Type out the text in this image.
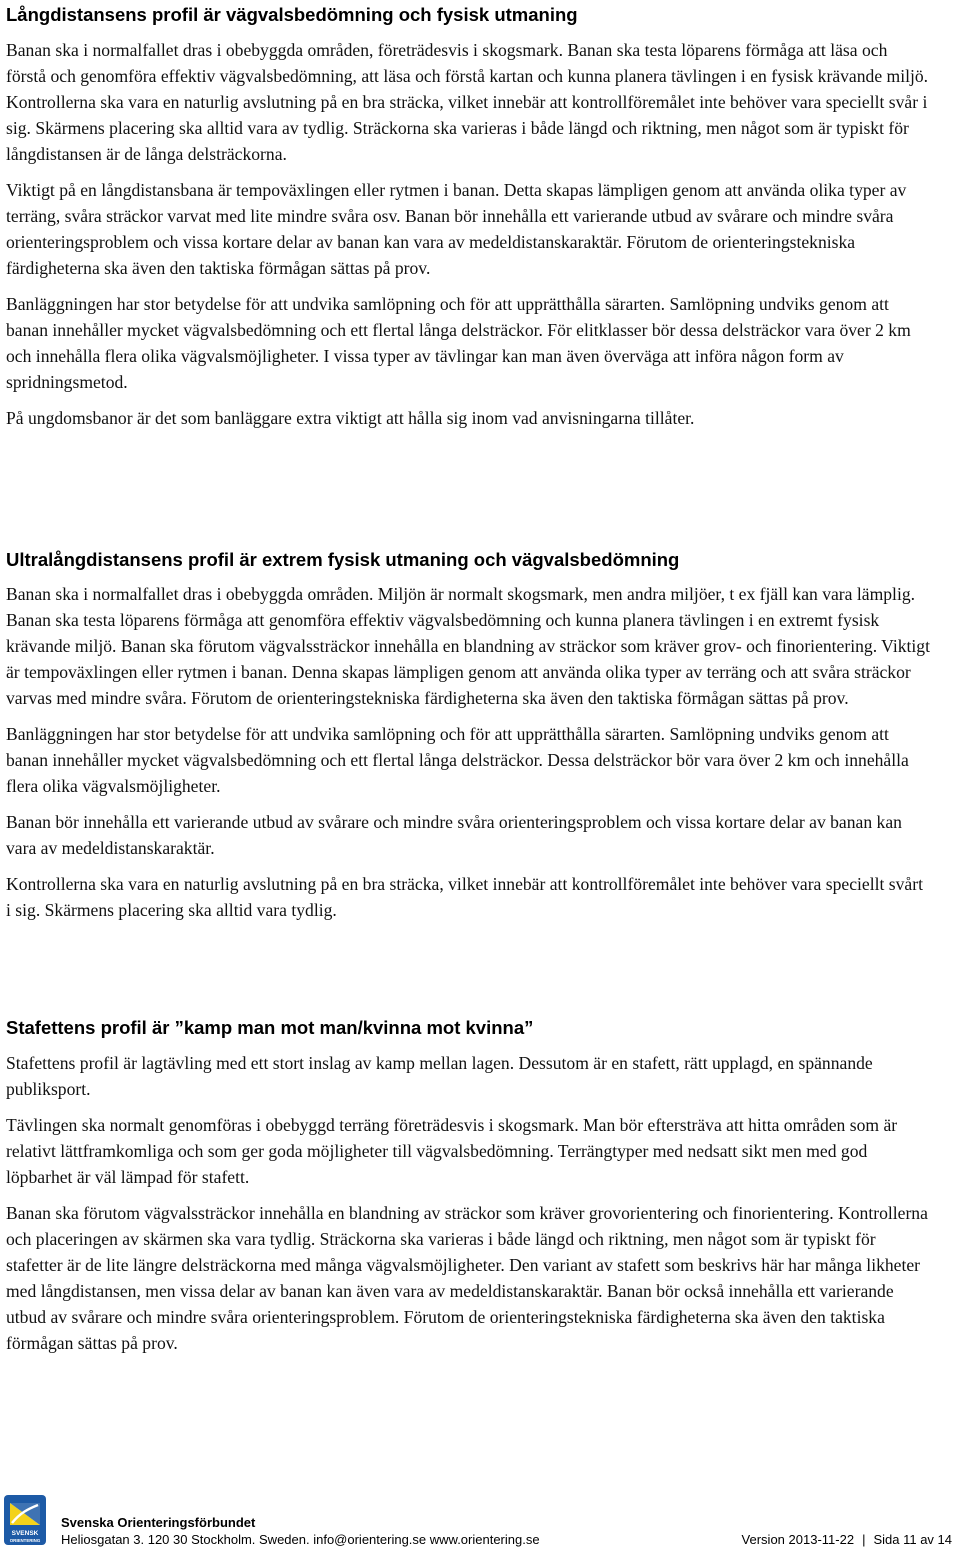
Långdistansens profil är vägvalsbedömning och fysisk utmaning

Banan ska i normalfallet dras i obebyggda områden, företrädesvis i skogsmark. Banan ska testa löparens förmåga att läsa och förstå och genomföra effektiv vägvalsbedömning, att läsa och förstå kartan och kunna planera tävlingen i en fysisk krävande miljö. Kontrollerna ska vara en naturlig avslutning på en bra sträcka, vilket innebär att kontrollföremålet inte behöver vara speciellt svår i sig. Skärmens placering ska alltid vara av tydlig. Sträckorna ska varieras i både längd och riktning, men något som är typiskt för långdistansen är de långa delsträckorna.

Viktigt på en långdistansbana är tempoväxlingen eller rytmen i banan. Detta skapas lämpligen genom att använda olika typer av terräng, svåra sträckor varvat med lite mindre svåra osv. Banan bör innehålla ett varierande utbud av svårare och mindre svåra orienteringsproblem och vissa kortare delar av banan kan vara av medeldistanskaraktär. Förutom de orienteringstekniska färdigheterna ska även den taktiska förmågan sättas på prov.

Banläggningen har stor betydelse för att undvika samlöpning och för att upprätthålla särarten. Samlöpning undviks genom att banan innehåller mycket vägvalsbedömning och ett flertal långa delsträckor. För elitklasser bör dessa delsträckor vara över 2 km och innehålla flera olika vägvalsmöjligheter. I vissa typer av tävlingar kan man även överväga att införa någon form av spridningsmetod.

På ungdomsbanor är det som banläggare extra viktigt att hålla sig inom vad anvisningarna tillåter.

Ultralångdistansens profil är extrem fysisk utmaning och vägvalsbedömning

Banan ska i normalfallet dras i obebyggda områden. Miljön är normalt skogsmark, men andra miljöer, t ex fjäll kan vara lämplig. Banan ska testa löparens förmåga att genomföra effektiv vägvalsbedömning och kunna planera tävlingen i en extremt fysisk krävande miljö. Banan ska förutom vägvalssträckor innehålla en blandning av sträckor som kräver grov- och finorientering. Viktigt är tempoväxlingen eller rytmen i banan. Denna skapas lämpligen genom att använda olika typer av terräng och att svåra sträckor varvas med mindre svåra. Förutom de orienteringstekniska färdigheterna ska även den taktiska förmågan sättas på prov.

Banläggningen har stor betydelse för att undvika samlöpning och för att upprätthålla särarten. Samlöpning undviks genom att banan innehåller mycket vägvalsbedömning och ett flertal långa delsträckor. Dessa delsträckor bör vara över 2 km och innehålla flera olika vägvalsmöjligheter.

Banan bör innehålla ett varierande utbud av svårare och mindre svåra orienteringsproblem och vissa kortare delar av banan kan vara av medeldistanskaraktär.

Kontrollerna ska vara en naturlig avslutning på en bra sträcka, vilket innebär att kontrollföremålet inte behöver vara speciellt svårt i sig. Skärmens placering ska alltid vara tydlig.

Stafettens profil är ”kamp man mot man/kvinna mot kvinna”

Stafettens profil är lagtävling med ett stort inslag av kamp mellan lagen. Dessutom är en stafett, rätt upplagd, en spännande publiksport.

Tävlingen ska normalt genomföras i obebyggd terräng företrädesvis i skogsmark. Man bör eftersträva att hitta områden som är relativt lättframkomliga och som ger goda möjligheter till vägvalsbedömning. Terrängtyper med nedsatt sikt men med god löpbarhet är väl lämpad för stafett.

Banan ska förutom vägvalssträckor innehålla en blandning av sträckor som kräver grovorientering och finorientering. Kontrollerna och placeringen av skärmen ska vara tydlig. Sträckorna ska varieras i både längd och riktning, men något som är typiskt för stafetter är de lite längre delsträckorna med många vägvalsmöjligheter. Den variant av stafett som beskrivs här har många likheter med långdistansen, men vissa delar av banan kan även vara av medeldistanskaraktär. Banan bör också innehålla ett varierande utbud av svårare och mindre svåra orienteringsproblem. Förutom de orienteringstekniska färdigheterna ska även den taktiska förmågan sättas på prov.

SVENSK
ORIENTERING
Svenska Orienteringsförbundet
Heliosgatan 3. 120 30 Stockholm. Sweden. info@orientering.se www.orientering.se	Version 2013-11-22 | Sida 11 av 14
